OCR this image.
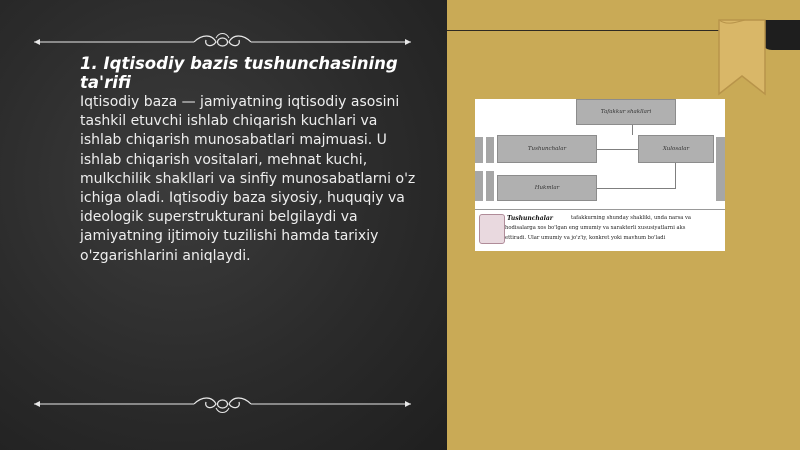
1. Iqtisodiy bazis tushunchasining ta'rifi

Iqtisodiy baza — jamiyatning iqtisodiy asosini tashkil etuvchi ishlab chiqarish kuchlari va ishlab chiqarish munosabatlari majmuasi. U ishlab chiqarish vositalari, mehnat kuchi, mulkchilik shakllari va sinfiy munosabatlarni o'z ichiga oladi. Iqtisodiy baza siyosiy, huquqiy va ideologik superstrukturani belgilaydi va jamiyatning ijtimoiy tuzilishi hamda tarixiy o'zgarishlarini aniqlaydi.

Tafakkur shakllari
Tushunchalar	Xulosalar
Hukmlar
Tushunchalar	tafakkurning shunday shakliki, unda narsa va
hodisalarga xos bo'lgan eng umumiy va xarakterli xususiyatlarni aks
ettiradi. Ular umumiy va jo'z'iy, konkret yoki mavhum bo'ladi
